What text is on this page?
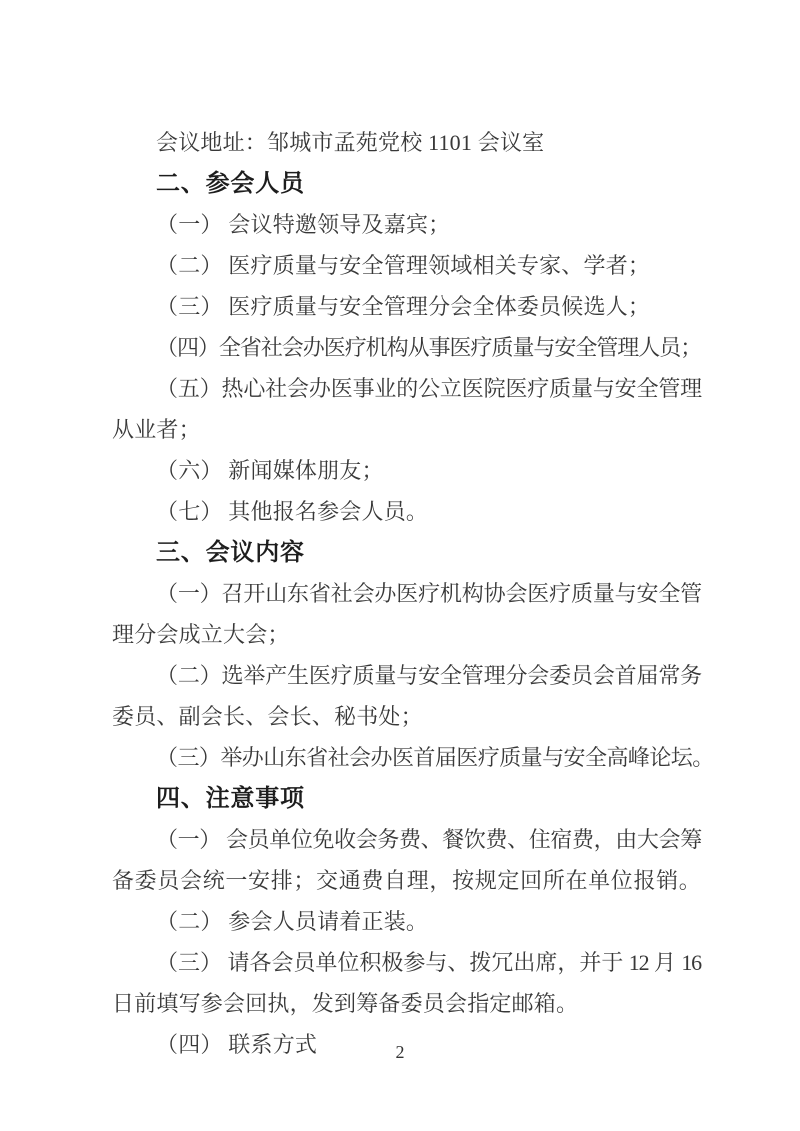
会议地址：邹城市孟苑党校 1101 会议室
二、参会人员
（一） 会议特邀领导及嘉宾；
（二） 医疗质量与安全管理领域相关专家、学者；
（三） 医疗质量与安全管理分会全体委员候选人；
（四）全省社会办医疗机构从事医疗质量与安全管理人员；
（五）热心社会办医事业的公立医院医疗质量与安全管理
从业者；
（六） 新闻媒体朋友；
（七） 其他报名参会人员。
三、会议内容
（一）召开山东省社会办医疗机构协会医疗质量与安全管
理分会成立大会；
（二）选举产生医疗质量与安全管理分会委员会首届常务
委员、副会长、会长、秘书处；
（三）举办山东省社会办医首届医疗质量与安全高峰论坛。
四、注意事项
（一） 会员单位免收会务费、餐饮费、住宿费，由大会筹
备委员会统一安排；交通费自理，按规定回所在单位报销。
（二） 参会人员请着正装。
（三） 请各会员单位积极参与、拨冗出席，并于 12 月 16
日前填写参会回执，发到筹备委员会指定邮箱。
（四） 联系方式	2
